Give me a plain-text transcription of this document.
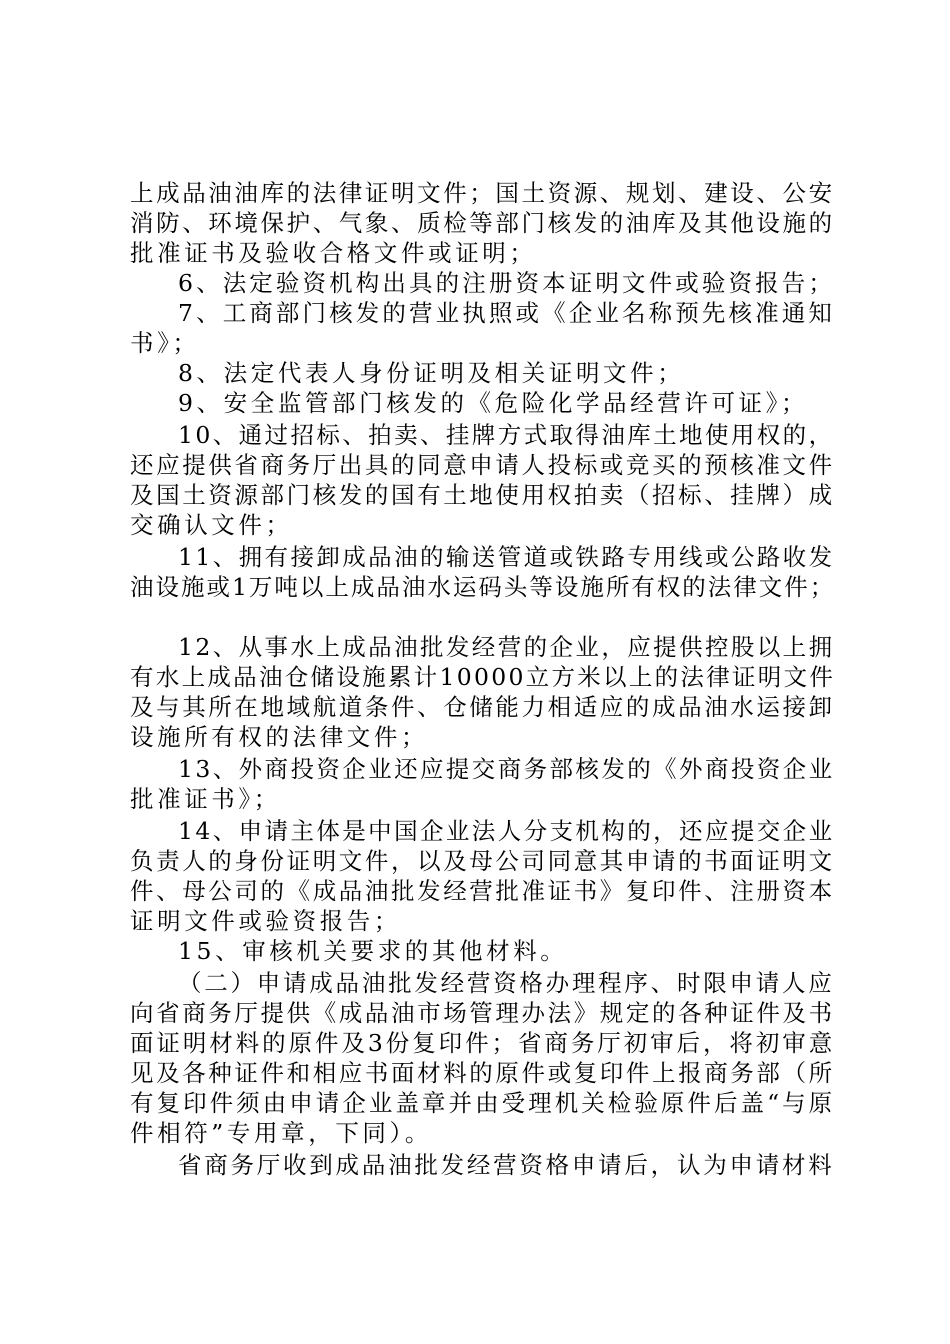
上成品油油库的法律证明文件；国土资源、规划、建设、公安
消防、环境保护、气象、质检等部门核发的油库及其他设施的
批准证书及验收合格文件或证明；
6、法定验资机构出具的注册资本证明文件或验资报告；
7、工商部门核发的营业执照或《企业名称预先核准通知
书》；
8、法定代表人身份证明及相关证明文件；
9、安全监管部门核发的《危险化学品经营许可证》；
10、通过招标、拍卖、挂牌方式取得油库土地使用权的，
还应提供省商务厅出具的同意申请人投标或竞买的预核准文件
及国土资源部门核发的国有土地使用权拍卖（招标、挂牌）成
交确认文件；
11、拥有接卸成品油的输送管道或铁路专用线或公路收发
油设施或1万吨以上成品油水运码头等设施所有权的法律文件；
12、从事水上成品油批发经营的企业，应提供控股以上拥
有水上成品油仓储设施累计10000立方米以上的法律证明文件
及与其所在地域航道条件、仓储能力相适应的成品油水运接卸
设施所有权的法律文件；
13、外商投资企业还应提交商务部核发的《外商投资企业
批准证书》；
14、申请主体是中国企业法人分支机构的，还应提交企业
负责人的身份证明文件，以及母公司同意其申请的书面证明文
件、母公司的《成品油批发经营批准证书》复印件、注册资本
证明文件或验资报告；
15、审核机关要求的其他材料。
（二）申请成品油批发经营资格办理程序、时限申请人应
向省商务厅提供《成品油市场管理办法》规定的各种证件及书
面证明材料的原件及3份复印件；省商务厅初审后，将初审意
见及各种证件和相应书面材料的原件或复印件上报商务部（所
有复印件须由申请企业盖章并由受理机关检验原件后盖“与原
件相符”专用章，下同）。
省商务厅收到成品油批发经营资格申请后，认为申请材料
